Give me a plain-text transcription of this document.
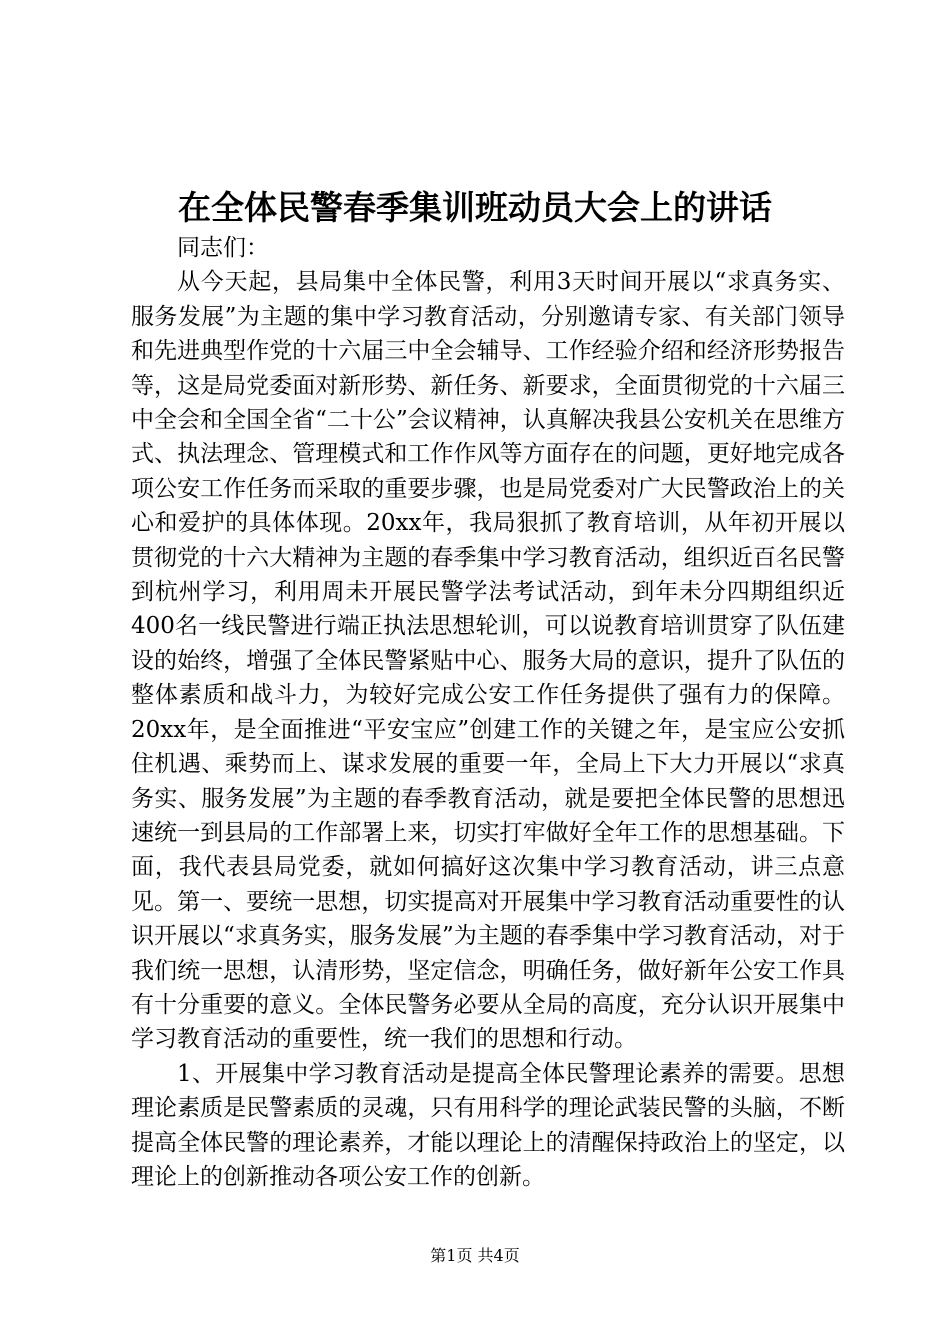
在全体民警春季集训班动员大会上的讲话

同志们：

从今天起，县局集中全体民警，利用3天时间开展以“求真务实、服务发展”为主题的集中学习教育活动，分别邀请专家、有关部门领导和先进典型作党的十六届三中全会辅导、工作经验介绍和经济形势报告等，这是局党委面对新形势、新任务、新要求，全面贯彻党的十六届三中全会和全国全省“二十公”会议精神，认真解决我县公安机关在思维方式、执法理念、管理模式和工作作风等方面存在的问题，更好地完成各项公安工作任务而采取的重要步骤，也是局党委对广大民警政治上的关心和爱护的具体体现。20xx年，我局狠抓了教育培训，从年初开展以贯彻党的十六大精神为主题的春季集中学习教育活动，组织近百名民警到杭州学习，利用周未开展民警学法考试活动，到年未分四期组织近400名一线民警进行端正执法思想轮训，可以说教育培训贯穿了队伍建设的始终，增强了全体民警紧贴中心、服务大局的意识，提升了队伍的整体素质和战斗力，为较好完成公安工作任务提供了强有力的保障。20xx年，是全面推进“平安宝应”创建工作的关键之年，是宝应公安抓住机遇、乘势而上、谋求发展的重要一年，全局上下大力开展以“求真务实、服务发展”为主题的春季教育活动，就是要把全体民警的思想迅速统一到县局的工作部署上来，切实打牢做好全年工作的思想基础。下面，我代表县局党委，就如何搞好这次集中学习教育活动，讲三点意见。第一、要统一思想，切实提高对开展集中学习教育活动重要性的认识开展以“求真务实，服务发展”为主题的春季集中学习教育活动，对于我们统一思想，认清形势，坚定信念，明确任务，做好新年公安工作具有十分重要的意义。全体民警务必要从全局的高度，充分认识开展集中学习教育活动的重要性，统一我们的思想和行动。

1、开展集中学习教育活动是提高全体民警理论素养的需要。思想理论素质是民警素质的灵魂，只有用科学的理论武装民警的头脑，不断提高全体民警的理论素养，才能以理论上的清醒保持政治上的坚定，以理论上的创新推动各项公安工作的创新。

第1页 共4页
